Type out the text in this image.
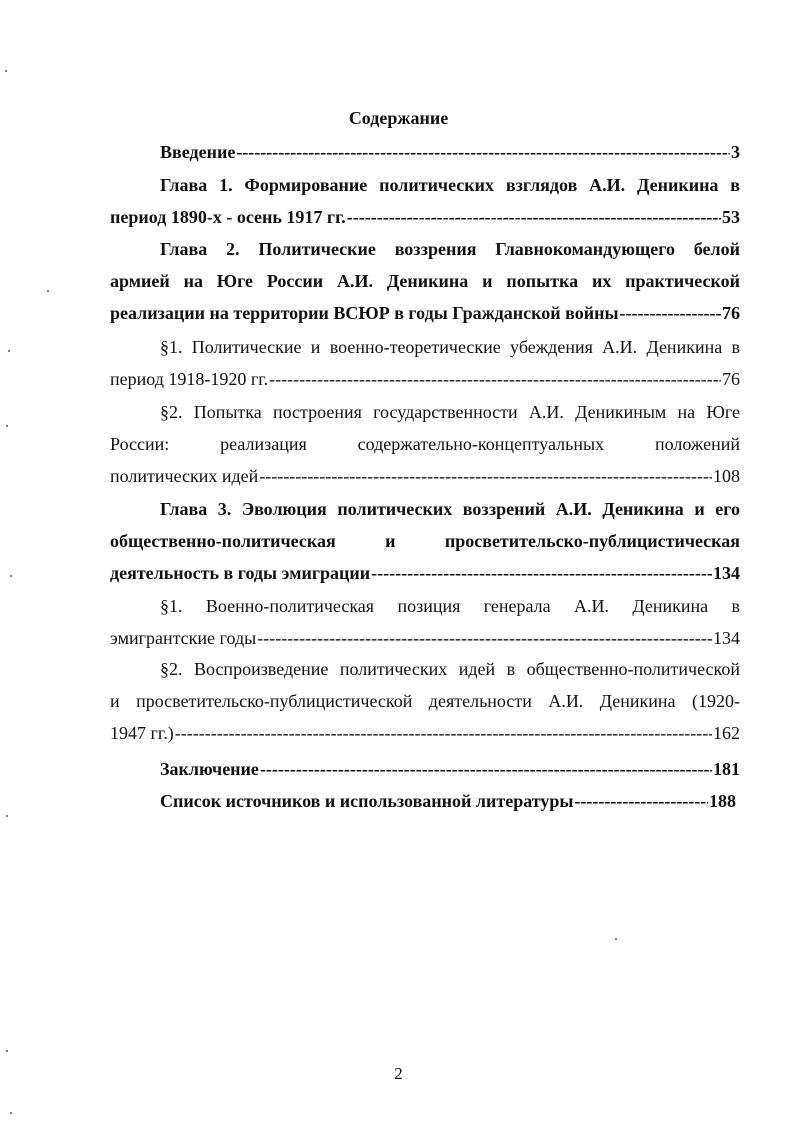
Содержание
Введение -----	3
Глава 1. Формирование политических взглядов А.И. Деникина в
период 1890-х - осень 1917 гг. -----	53
Глава 2. Политические воззрения Главнокомандующего белой
армией на Юге России А.И. Деникина и попытка их практической
реализации на территории ВСЮР в годы Гражданской войны -----	76
§1. Политические и военно-теоретические убеждения А.И. Деникина в
период 1918-1920 гг. -----	76
§2. Попытка построения государственности А.И. Деникиным на Юге
России: реализация содержательно-концептуальных положений
политических идей -----	108
Глава 3. Эволюция политических воззрений А.И. Деникина и его
общественно-политическая и просветительско-публицистическая
деятельность в годы эмиграции -----	134
§1. Военно-политическая позиция генерала А.И. Деникина в
эмигрантские годы -----	134
§2. Воспроизведение политических идей в общественно-политической
и просветительско-публицистической деятельности А.И. Деникина (1920-
1947 гг.) -----	162
Заключение -----	181
Список источников и использованной литературы -----	188
2
